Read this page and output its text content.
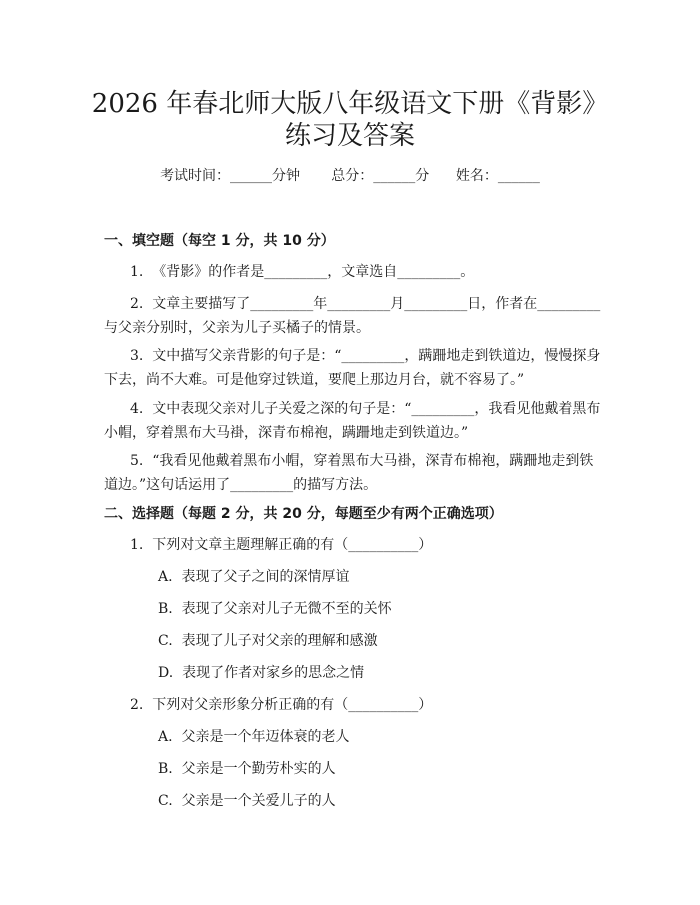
2026 年春北师大版八年级语文下册《背影》
练习及答案
考试时间：______分钟 总分：______分 姓名：______
一、填空题（每空 1 分，共 10 分）
1.  《背影》的作者是_________，文章选自_________。
2.  文章主要描写了_________年_________月_________日，作者在_________
与父亲分别时，父亲为儿子买橘子的情景。
3.  文中描写父亲背影的句子是：“_________，蹒跚地走到铁道边，慢慢探身
下去，尚不大难。可是他穿过铁道，要爬上那边月台，就不容易了。”
4.  文中表现父亲对儿子关爱之深的句子是：“_________，我看见他戴着黑布
小帽，穿着黑布大马褂，深青布棉袍，蹒跚地走到铁道边。”
5.  “我看见他戴着黑布小帽，穿着黑布大马褂，深青布棉袍，蹒跚地走到铁
道边。”这句话运用了_________的描写方法。
二、选择题（每题 2 分，共 20 分，每题至少有两个正确选项）
1.  下列对文章主题理解正确的有（__________）
A.  表现了父子之间的深情厚谊
B.  表现了父亲对儿子无微不至的关怀
C.  表现了儿子对父亲的理解和感激
D.  表现了作者对家乡的思念之情
2.  下列对父亲形象分析正确的有（__________）
A.  父亲是一个年迈体衰的老人
B.  父亲是一个勤劳朴实的人
C.  父亲是一个关爱儿子的人
